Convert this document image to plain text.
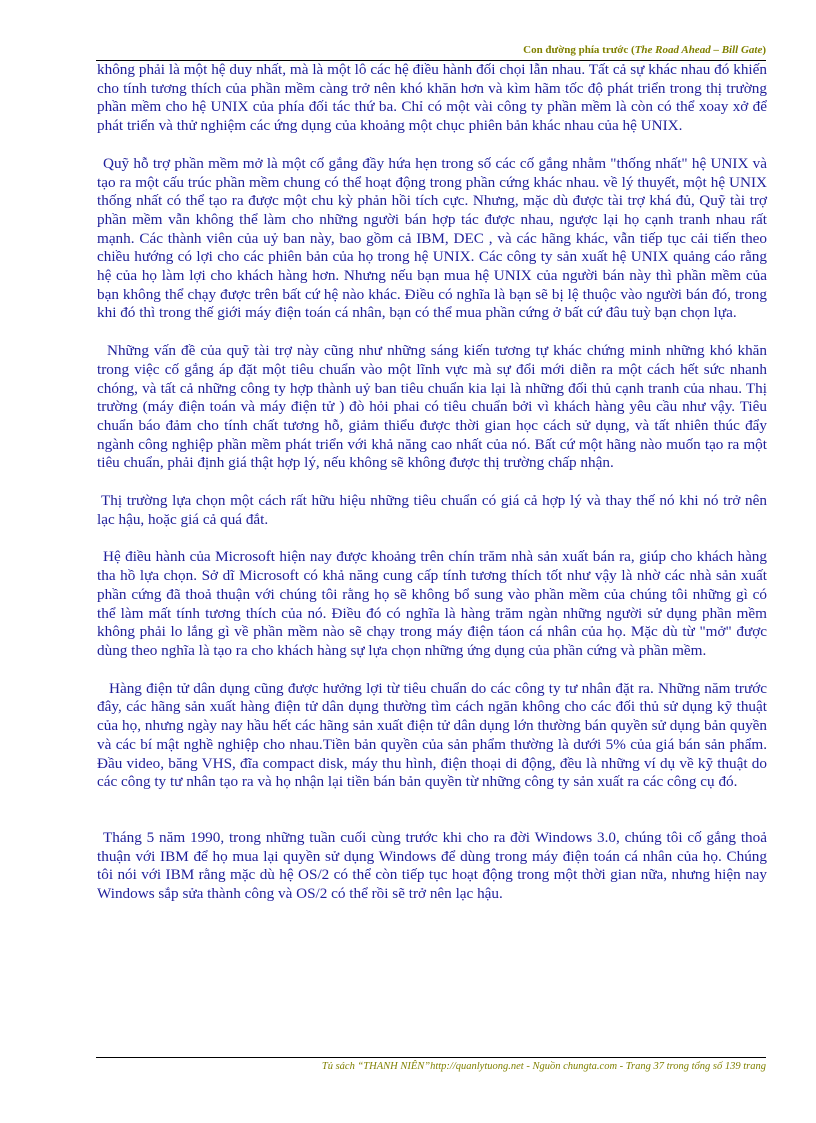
Con đường phía trước (The Road Ahead – Bill Gate)

không phải là một hệ duy nhất, mà là một lô các hệ điều hành đối chọi lẫn nhau. Tất cả sự khác nhau đó khiến cho tính tương thích của phần mềm càng trở nên khó khăn hơn và kìm hãm tốc độ phát triển trong thị trường phần mềm cho hệ UNIX của phía đối tác thứ ba. Chỉ có một vài công ty phần mềm là còn có thể xoay xở để phát triển và thử nghiệm các ứng dụng của khoảng một chục phiên bản khác nhau của hệ UNIX.

Quỹ hỗ trợ phần mềm mở là một cố gắng đầy hứa hẹn trong số các cố gắng nhằm "thống nhất" hệ UNIX và tạo ra một cấu trúc phần mềm chung có thể hoạt động trong phần cứng khác nhau. về lý thuyết, một hệ UNIX thống nhất có thể tạo ra được một chu kỳ phản hồi tích cực. Nhưng, mặc dù được tài trợ khá đủ, Quỹ tài trợ phần mềm vẫn không thể làm cho những người bán hợp tác được nhau, ngược lại họ cạnh tranh nhau rất mạnh. Các thành viên của uỷ ban này, bao gồm cả IBM, DEC , và các hãng khác, vẫn tiếp tục cải tiến theo chiều hướng có lợi cho các phiên bản của họ trong hệ UNIX. Các công ty sản xuất hệ UNIX quảng cáo rằng hệ của họ làm lợi cho khách hàng hơn. Nhưng nếu bạn mua hệ UNIX của người bán này thì phần mềm của bạn không thể chạy được trên bất cứ hệ nào khác. Điều có nghĩa là bạn sẽ bị lệ thuộc vào người bán đó, trong khi đó thì trong thế giới máy điện toán cá nhân, bạn có thể mua phần cứng ở bất cứ đâu tuỳ bạn chọn lựa.

Những vấn đề của quỹ tài trợ này cũng như những sáng kiến tương tự khác chứng minh những khó khăn trong việc cố gắng áp đặt một tiêu chuẩn vào một lĩnh vực mà sự đổi mới diễn ra một cách hết sức nhanh chóng, và tất cả những công ty hợp thành uỷ ban tiêu chuẩn kia lại là những đối thủ cạnh tranh của nhau. Thị trường (máy điện toán và máy điện tử ) đò hỏi phai có tiêu chuẩn bởi vì khách hàng yêu cầu như vậy. Tiêu chuẩn báo đảm cho tính chất tương hỗ, giảm thiểu được thời gian học cách sử dụng, và tất nhiên thúc đẩy ngành công nghiệp phần mềm phát triển với khả năng cao nhất của nó. Bất cứ một hãng nào muốn tạo ra một tiêu chuẩn, phải định giá thật hợp lý, nếu không sẽ không được thị trường chấp nhận.

Thị trường lựa chọn một cách rất hữu hiệu những tiêu chuẩn có giá cả hợp lý và thay thế nó khi nó trở nên lạc hậu, hoặc giá cả quá đắt.

Hệ điều hành của Microsoft hiện nay được khoảng trên chín trăm nhà sản xuất bán ra, giúp cho khách hàng tha hồ lựa chọn. Sở dĩ Microsoft có khả năng cung cấp tính tương thích tốt như vậy là nhờ các nhà sản xuất phần cứng đã thoả thuận với chúng tôi rằng họ sẽ không bổ sung vào phần mềm của chúng tôi những gì có thể làm mất tính tương thích của nó. Điều đó có nghĩa là hàng trăm ngàn những người sử dụng phần mềm không phải lo lắng gì về phần mềm nào sẽ chạy trong máy điện táon cá nhân của họ. Mặc dù từ "mở" được dùng theo nghĩa là tạo ra cho khách hàng sự lựa chọn những ứng dụng của phần cứng và phần mềm.

Hàng điện tử dân dụng cũng được hưởng lợi từ tiêu chuẩn do các công ty tư nhân đặt ra. Những năm trước đây, các hãng sản xuất hàng điện tử dân dụng thường tìm cách ngăn không cho các đối thủ sử dụng kỹ thuật của họ, nhưng ngày nay hầu hết các hãng sản xuất điện tử dân dụng lớn thường bán quyền sử dụng bản quyền và các bí mật nghề nghiệp cho nhau.Tiền bản quyền của sản phẩm thường là dưới 5% của giá bán sản phẩm. Đầu video, băng VHS, đĩa compact disk, máy thu hình, điện thoại di động, đều là những ví dụ về kỹ thuật do các công ty tư nhân tạo ra và họ nhận lại tiền bán bản quyền từ những công ty sản xuất ra các công cụ đó.

Tháng 5 năm 1990, trong những tuần cuối cùng trước khi cho ra đời Windows 3.0, chúng tôi cố gắng thoả thuận với IBM để họ mua lại quyền sử dụng Windows để dùng trong máy điện toán cá nhân của họ. Chúng tôi nói với IBM rằng mặc dù hệ OS/2 có thể còn tiếp tục hoạt động trong một thời gian nữa, nhưng hiện nay Windows sắp sửa thành công và OS/2 có thể rồi sẽ trở nên lạc hậu.

Tủ sách “THANH NIÊN”http://quanlytuong.net - Nguồn chungta.com - Trang 37 trong tổng số 139 trang
